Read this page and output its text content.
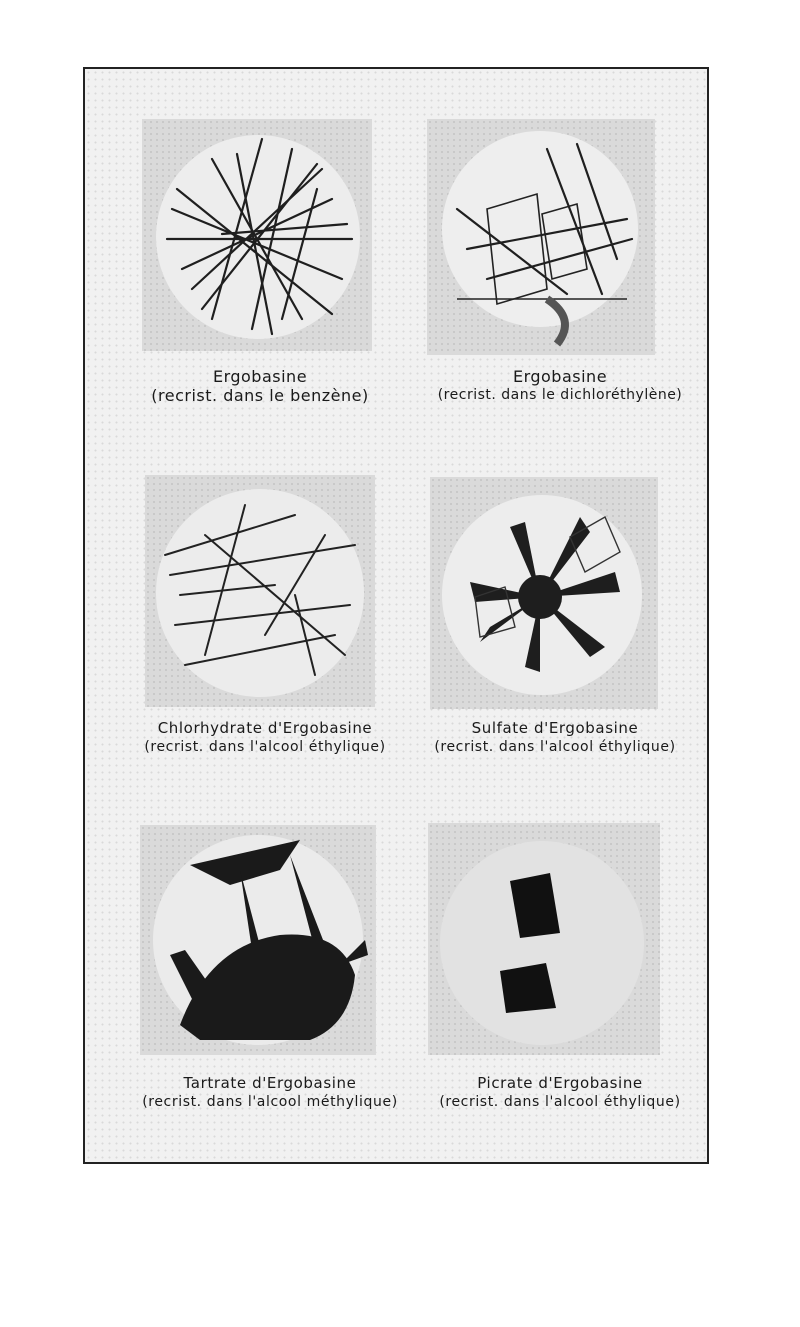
Ergobasine
(recrist. dans le benzène)
Ergobasine
(recrist. dans le dichloréthylène)
Chlorhydrate d'Ergobasine
(recrist. dans l'alcool éthylique)
Sulfate d'Ergobasine
(recrist. dans l'alcool éthylique)
Tartrate d'Ergobasine
(recrist. dans l'alcool méthylique)
Picrate d'Ergobasine
(recrist. dans l'alcool éthylique)
